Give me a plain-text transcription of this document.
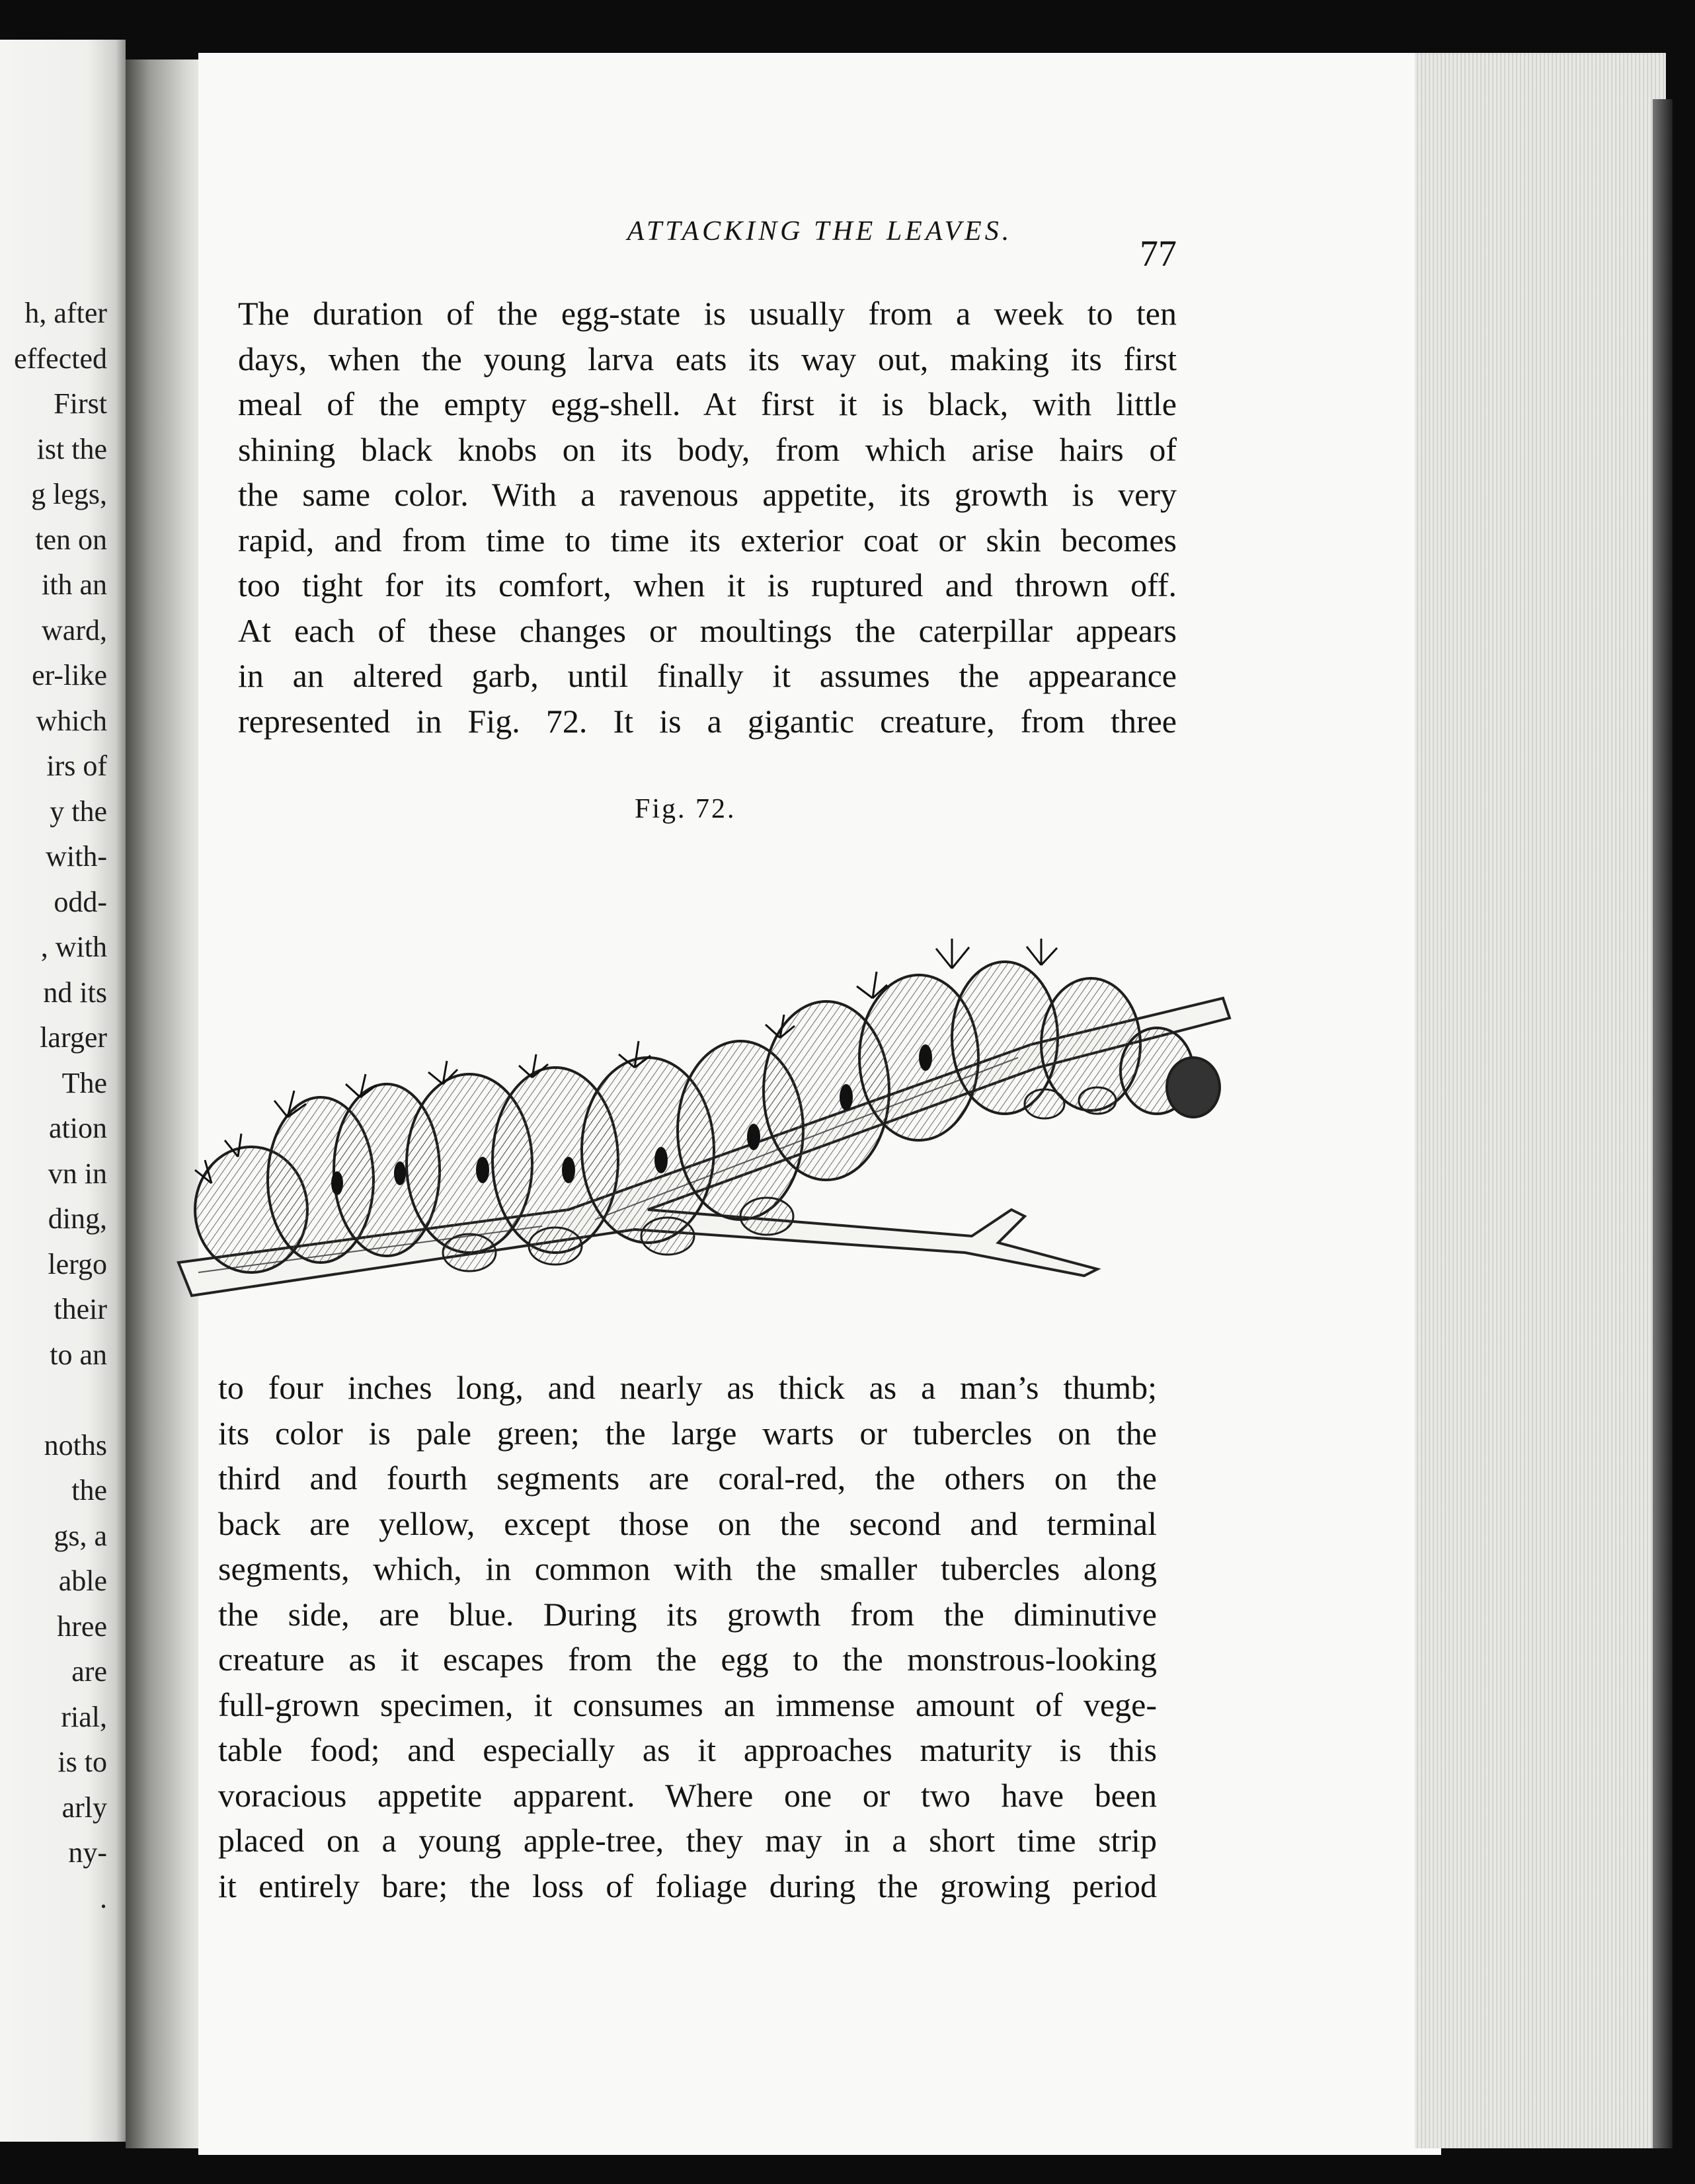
h, after
effected
First
ist the
g legs,
ten on
ith an
ward,
er-like
which
irs of
y the
with-
odd-
, with
nd its
larger
The
ation
vn in
ding,
lergo
their
to an
noths
the
gs, a
able
hree
are
rial,
is to
arly
ny-
.
ATTACKING THE LEAVES.
77
The duration of the egg-state is usually from a week to ten
days, when the young larva eats its way out, making its first
meal of the empty egg-shell. At first it is black, with little
shining black knobs on its body, from which arise hairs of
the same color. With a ravenous appetite, its growth is very
rapid, and from time to time its exterior coat or skin becomes
too tight for its comfort, when it is ruptured and thrown off.
At each of these changes or moultings the caterpillar appears
in an altered garb, until finally it assumes the appearance
represented in Fig. 72. It is a gigantic creature, from three
Fig. 72.
to four inches long, and nearly as thick as a man’s thumb;
its color is pale green; the large warts or tubercles on the
third and fourth segments are coral-red, the others on the
back are yellow, except those on the second and terminal
segments, which, in common with the smaller tubercles along
the side, are blue. During its growth from the diminutive
creature as it escapes from the egg to the monstrous-looking
full-grown specimen, it consumes an immense amount of vege-
table food; and especially as it approaches maturity is this
voracious appetite apparent. Where one or two have been
placed on a young apple-tree, they may in a short time strip
it entirely bare; the loss of foliage during the growing period
